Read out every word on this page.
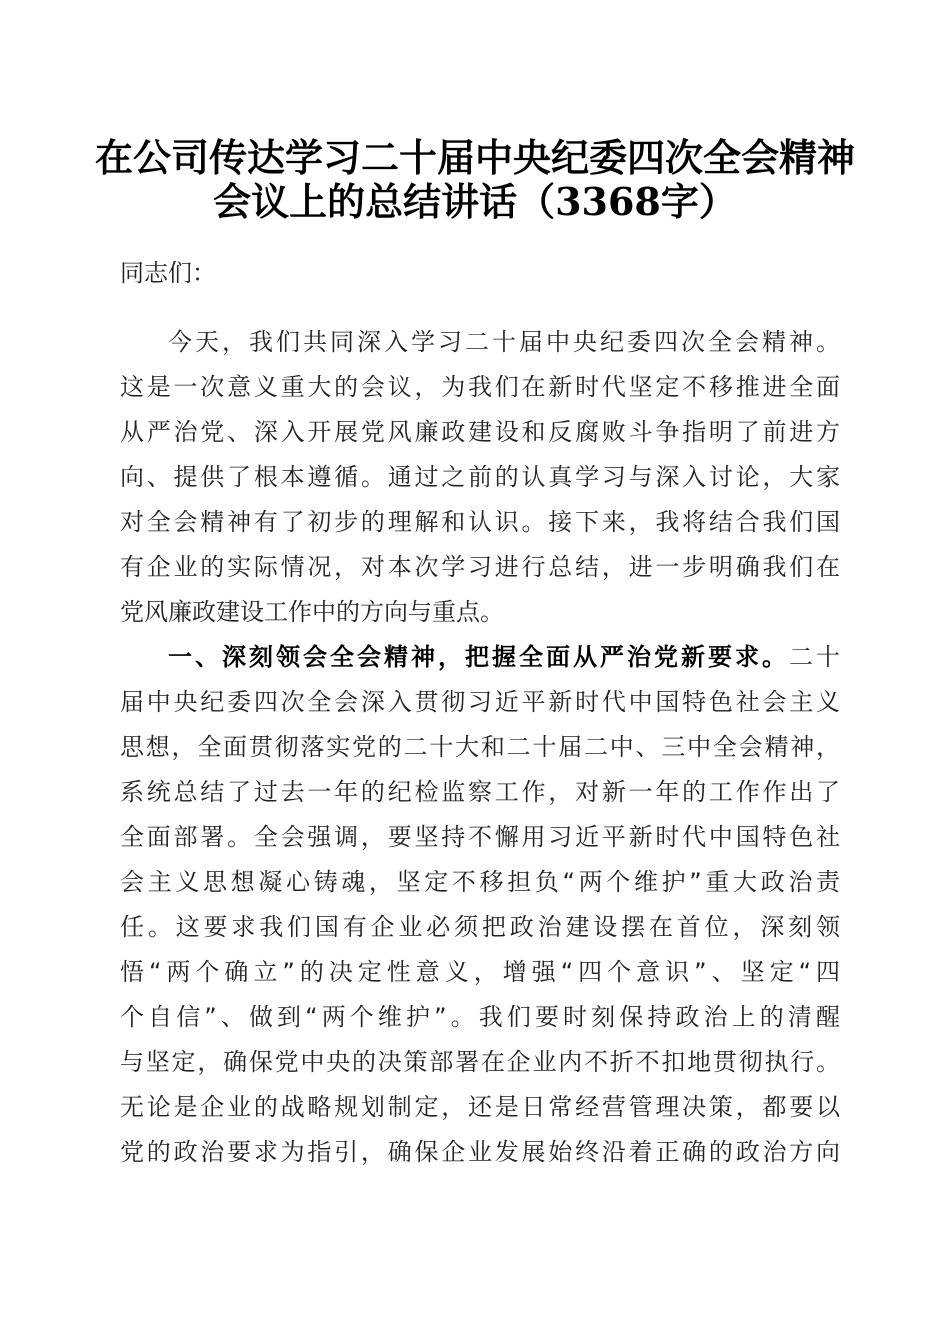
在公司传达学习二十届中央纪委四次全会精神
会议上的总结讲话（3368字）
同志们：
今天，我们共同深入学习二十届中央纪委四次全会精神。
这是一次意义重大的会议，为我们在新时代坚定不移推进全面
从严治党、深入开展党风廉政建设和反腐败斗争指明了前进方
向、提供了根本遵循。通过之前的认真学习与深入讨论，大家
对全会精神有了初步的理解和认识。接下来，我将结合我们国
有企业的实际情况，对本次学习进行总结，进一步明确我们在
党风廉政建设工作中的方向与重点。
一、深刻领会全会精神，把握全面从严治党新要求。二十
届中央纪委四次全会深入贯彻习近平新时代中国特色社会主义
思想，全面贯彻落实党的二十大和二十届二中、三中全会精神，
系统总结了过去一年的纪检监察工作，对新一年的工作作出了
全面部署。全会强调，要坚持不懈用习近平新时代中国特色社
会主义思想凝心铸魂，坚定不移担负“两个维护”重大政治责
任。这要求我们国有企业必须把政治建设摆在首位，深刻领
悟“两个确立”的决定性意义，增强“四个意识”、坚定“四
个自信”、做到“两个维护”。我们要时刻保持政治上的清醒
与坚定，确保党中央的决策部署在企业内不折不扣地贯彻执行。
无论是企业的战略规划制定，还是日常经营管理决策，都要以
党的政治要求为指引，确保企业发展始终沿着正确的政治方向
